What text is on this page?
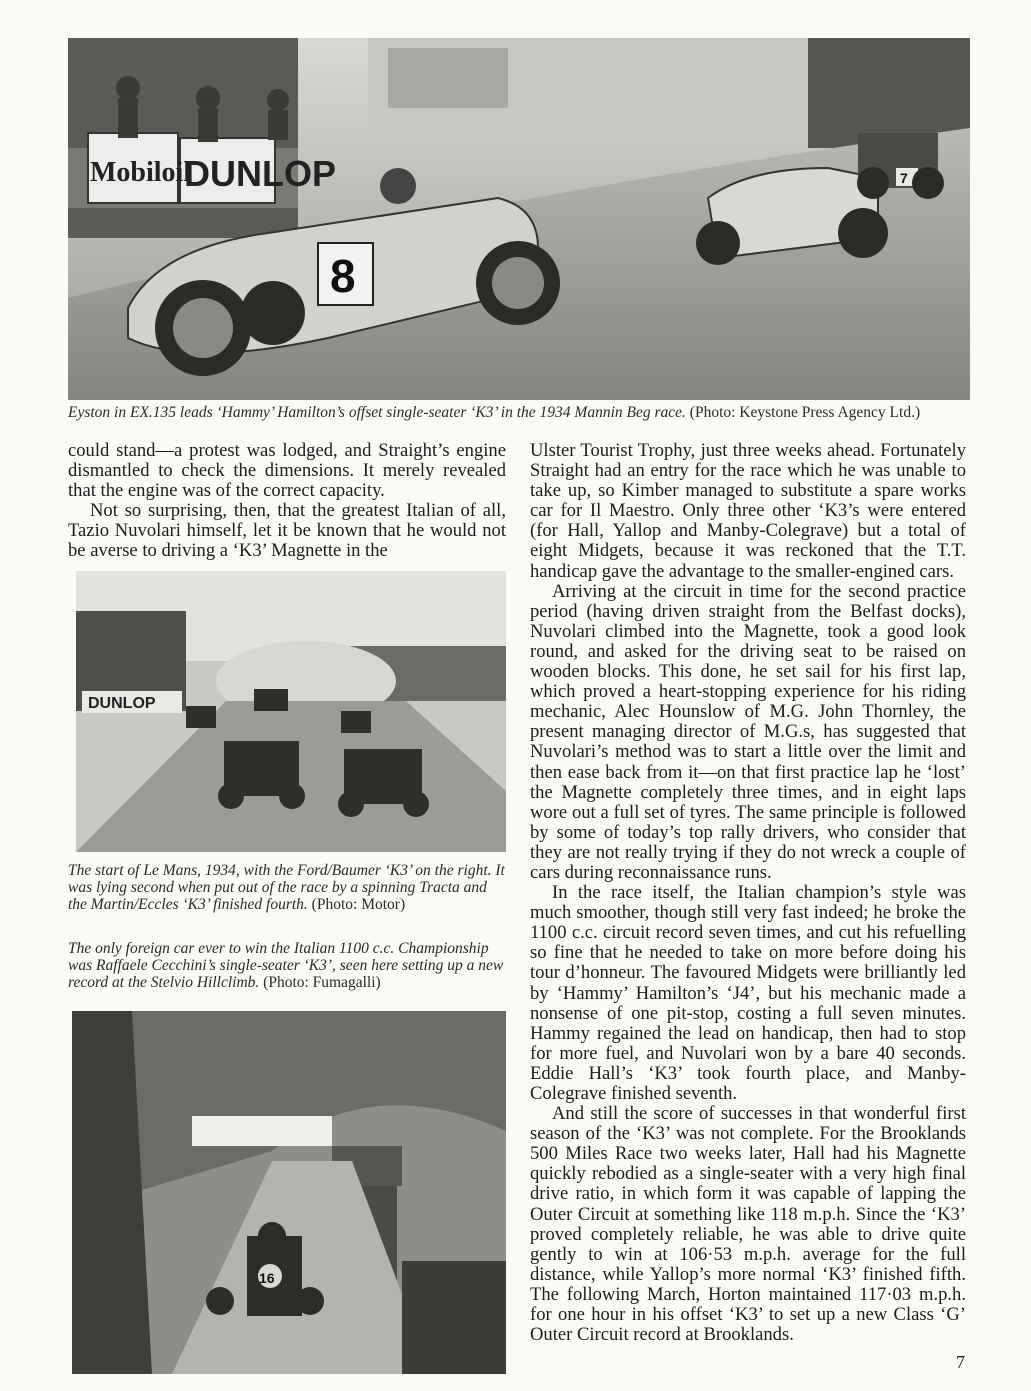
Mobiloil
DUNLOP
8
7
Eyston in EX.135 leads ‘Hammy’ Hamilton’s offset single-seater ‘K3’ in the 1934 Mannin Beg race. (Photo: Keystone Press Agency Ltd.)

could stand—a protest was lodged, and Straight’s engine dismantled to check the dimensions. It merely revealed that the engine was of the correct capacity.

Not so surprising, then, that the greatest Italian of all, Tazio Nuvolari himself, let it be known that he would not be averse to driving a ‘K3’ Magnette in the

DUNLOP
The start of Le Mans, 1934, with the Ford/Baumer ‘K3’ on the right. It was lying second when put out of the race by a spinning Tracta and the Martin/Eccles ‘K3’ finished fourth. (Photo: Motor)
The only foreign car ever to win the Italian 1100 c.c. Championship was Raffaele Cecchini’s single-seater ‘K3’, seen here setting up a new record at the Stelvio Hillclimb. (Photo: Fumagalli)
16

Ulster Tourist Trophy, just three weeks ahead. Fortunately Straight had an entry for the race which he was unable to take up, so Kimber managed to substitute a spare works car for Il Maestro. Only three other ‘K3’s were entered (for Hall, Yallop and Manby-Colegrave) but a total of eight Midgets, because it was reckoned that the T.T. handicap gave the advantage to the smaller-engined cars.

Arriving at the circuit in time for the second practice period (having driven straight from the Belfast docks), Nuvolari climbed into the Magnette, took a good look round, and asked for the driving seat to be raised on wooden blocks. This done, he set sail for his first lap, which proved a heart-stopping experience for his riding mechanic, Alec Hounslow of M.G. John Thornley, the present managing director of M.G.s, has suggested that Nuvolari’s method was to start a little over the limit and then ease back from it—on that first practice lap he ‘lost’ the Magnette completely three times, and in eight laps wore out a full set of tyres. The same principle is followed by some of today’s top rally drivers, who consider that they are not really trying if they do not wreck a couple of cars during reconnaissance runs.

In the race itself, the Italian champion’s style was much smoother, though still very fast indeed; he broke the 1100 c.c. circuit record seven times, and cut his refuelling so fine that he needed to take on more before doing his tour d’honneur. The favoured Midgets were brilliantly led by ‘Hammy’ Hamilton’s ‘J4’, but his mechanic made a nonsense of one pit-stop, costing a full seven minutes. Hammy regained the lead on handicap, then had to stop for more fuel, and Nuvolari won by a bare 40 seconds. Eddie Hall’s ‘K3’ took fourth place, and Manby-Colegrave finished seventh.

And still the score of successes in that wonderful first season of the ‘K3’ was not complete. For the Brooklands 500 Miles Race two weeks later, Hall had his Magnette quickly rebodied as a single-seater with a very high final drive ratio, in which form it was capable of lapping the Outer Circuit at something like 118 m.p.h. Since the ‘K3’ proved completely reliable, he was able to drive quite gently to win at 106·53 m.p.h. average for the full distance, while Yallop’s more normal ‘K3’ finished fifth. The following March, Horton maintained 117·03 m.p.h. for one hour in his offset ‘K3’ to set up a new Class ‘G’ Outer Circuit record at Brooklands.

7
